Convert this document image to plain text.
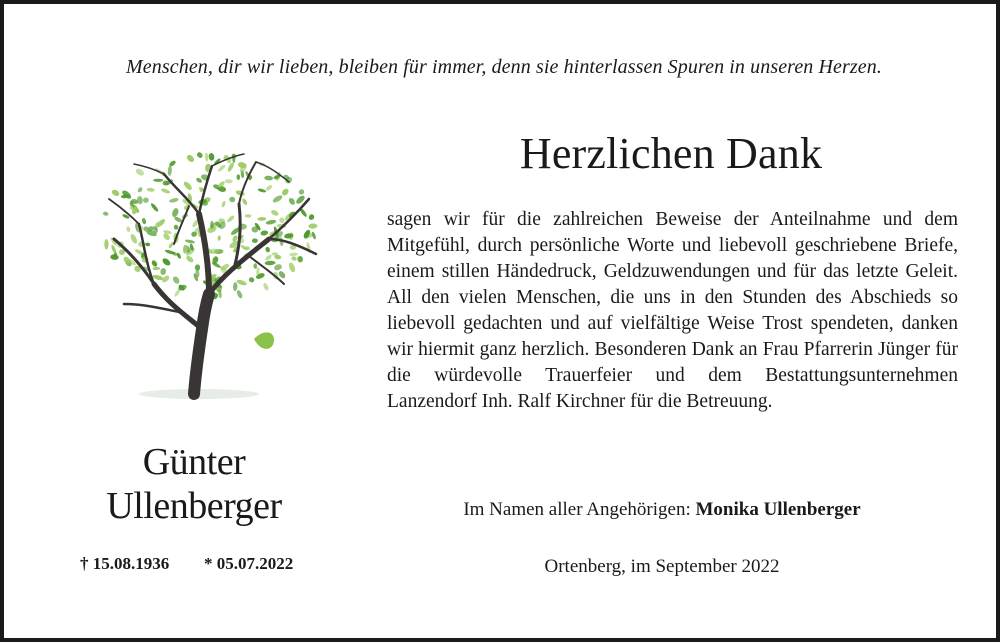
Menschen, dir wir lieben, bleiben für immer, denn sie hinterlassen Spuren in unseren Herzen.
Günter
Ullenberger
† 15.08.1936 * 05.07.2022
Herzlichen Dank
sagen wir für die zahlreichen Beweise der Anteilnahme und dem Mitgefühl, durch persönliche Worte und liebevoll geschriebene Briefe, einem stillen Händedruck, Geldzuwendungen und für das letzte Geleit. All den vielen Menschen, die uns in den Stunden des Abschieds so liebevoll gedachten und auf vielfältige Weise Trost spendeten, danken wir hiermit ganz herzlich. Besonderen Dank an Frau Pfarrerin Jünger für die würdevolle Trauerfeier und dem Bestattungsunternehmen Lanzendorf Inh. Ralf Kirchner für die Betreuung.
Im Namen aller Angehörigen: Monika Ullenberger
Ortenberg, im September 2022
